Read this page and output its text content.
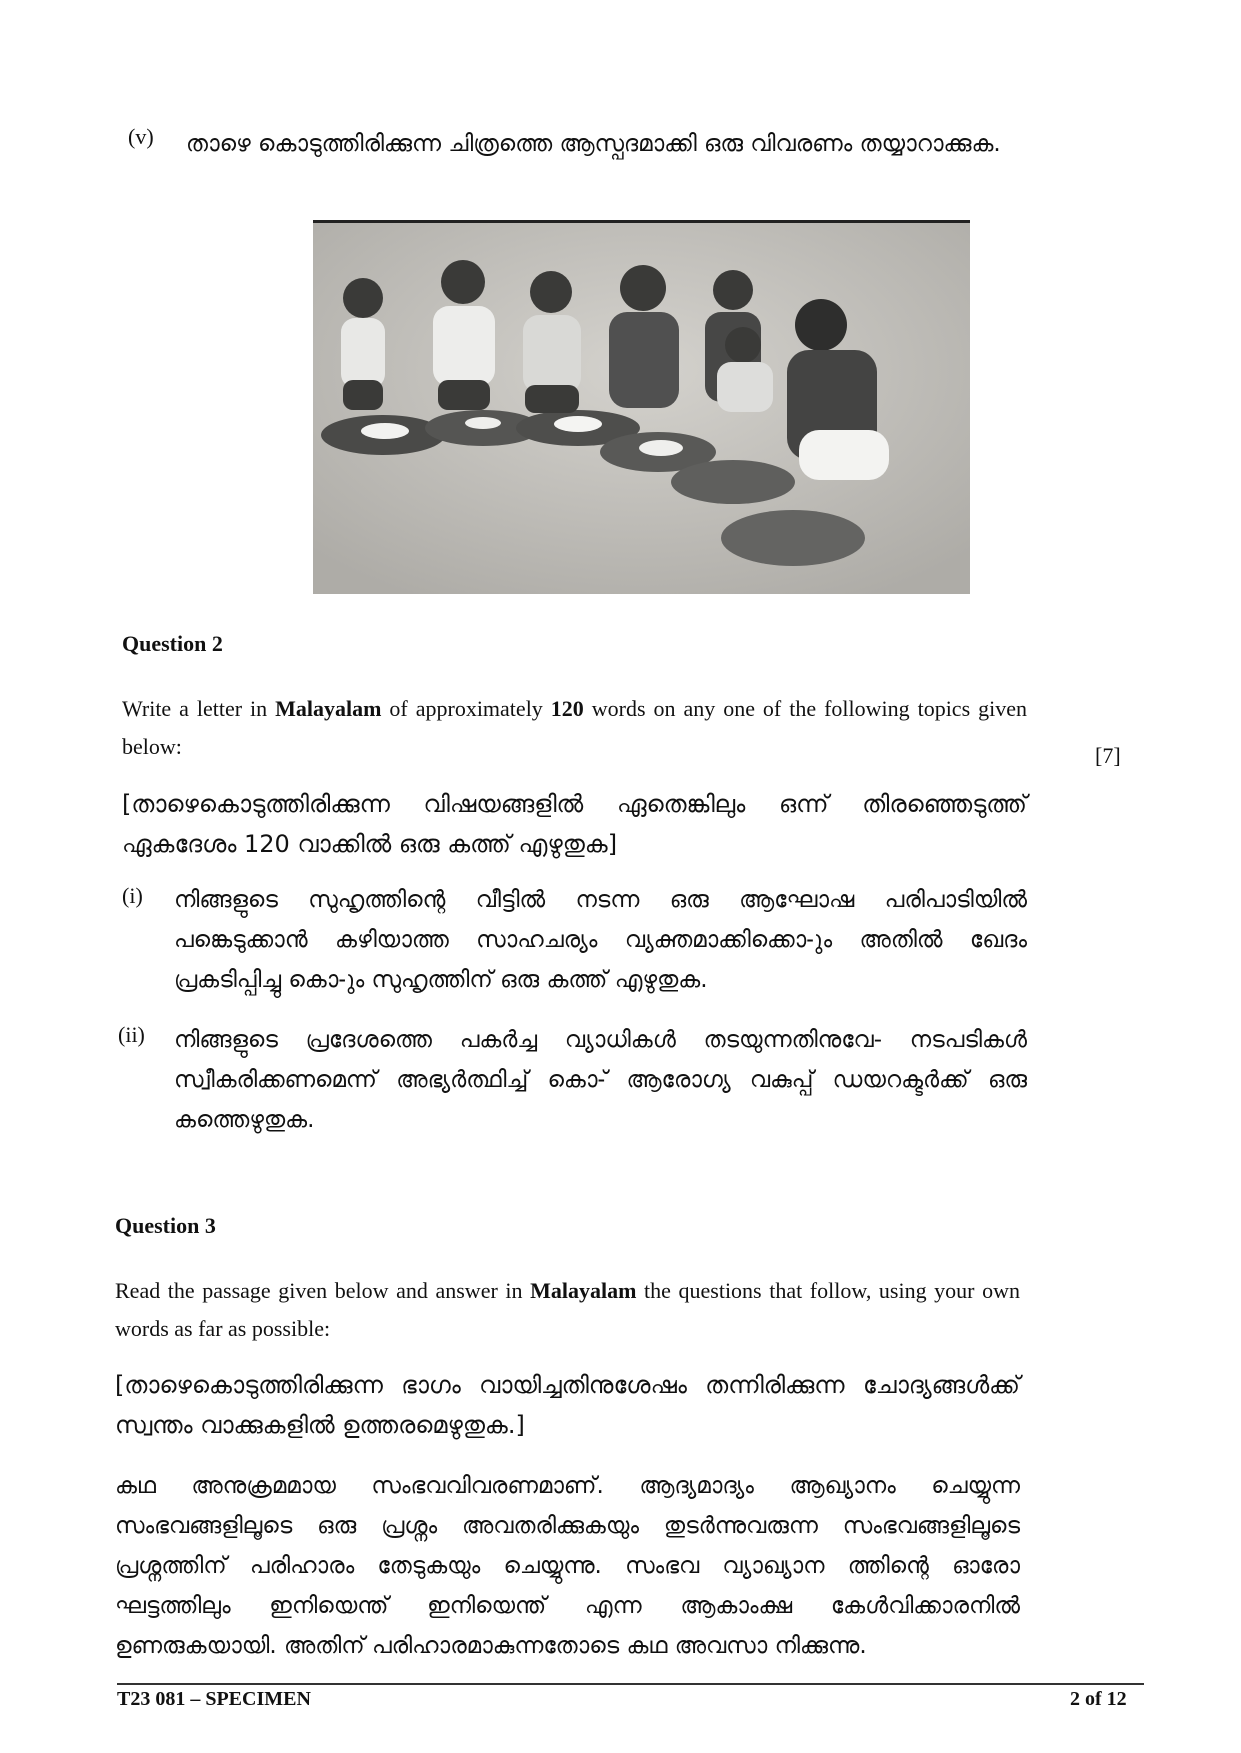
(v) താഴെ കൊടുത്തിരിക്കുന്ന ചിത്രത്തെ ആസ്പദമാക്കി ഒരു വിവരണം തയ്യാറാക്കുക.
Question 2
Write a letter in Malayalam of approximately 120 words on any one of the following topics given below:	[7]
[താഴെകൊടുത്തിരിക്കുന്ന വിഷയങ്ങളിൽ ഏതെങ്കിലും ഒന്ന് തിരഞ്ഞെടുത്ത് ഏകദേശം 120 വാക്കിൽ ഒരു കത്ത് എഴുതുക]
(i) നിങ്ങളുടെ സുഹൃത്തിന്റെ വീട്ടിൽ നടന്ന ഒരു ആഘോഷ പരിപാടിയിൽ പങ്കെടുക്കാൻ കഴിയാത്ത സാഹചര്യം വ്യക്തമാക്കിക്കൊ-ും അതിൽ ഖേദം പ്രകടിപ്പിച്ചു കൊ-ും സുഹൃത്തിന് ഒരു കത്ത് എഴുതുക.
(ii) നിങ്ങളുടെ പ്രദേശത്തെ പകർച്ച വ്യാധികൾ തടയുന്നതിനുവേ- നടപടികൾ സ്വീകരിക്കണമെന്ന് അഭ്യർത്ഥിച്ച് കൊ-് ആരോഗ്യ വകുപ്പ് ഡയറക്ടർക്ക് ഒരു കത്തെഴുതുക.
Question 3
Read the passage given below and answer in Malayalam the questions that follow, using your own words as far as possible:
[താഴെകൊടുത്തിരിക്കുന്ന ഭാഗം വായിച്ചതിനുശേഷം തന്നിരിക്കുന്ന ചോദ്യങ്ങൾക്ക് സ്വന്തം വാക്കുകളിൽ ഉത്തരമെഴുതുക.]
കഥ അനുക്രമമായ സംഭവവിവരണമാണ്. ആദ്യമാദ്യം ആഖ്യാനം ചെയ്യുന്ന സംഭവങ്ങളിലൂടെ ഒരു പ്രശ്നം അവതരിക്കുകയും തുടർന്നുവരുന്ന സംഭവങ്ങളിലൂടെ പ്രശ്നത്തിന് പരിഹാരം തേടുകയും ചെയ്യുന്നു. സംഭവ വ്യാഖ്യാന ത്തിന്റെ ഓരോ ഘട്ടത്തിലും ഇനിയെന്ത് ഇനിയെന്ത് എന്ന ആകാംക്ഷ കേൾവിക്കാരനിൽ ഉണരുകയായി. അതിന് പരിഹാരമാകുന്നതോടെ കഥ അവസാ നിക്കുന്നു.
T23 081 – SPECIMEN	2 of 12
